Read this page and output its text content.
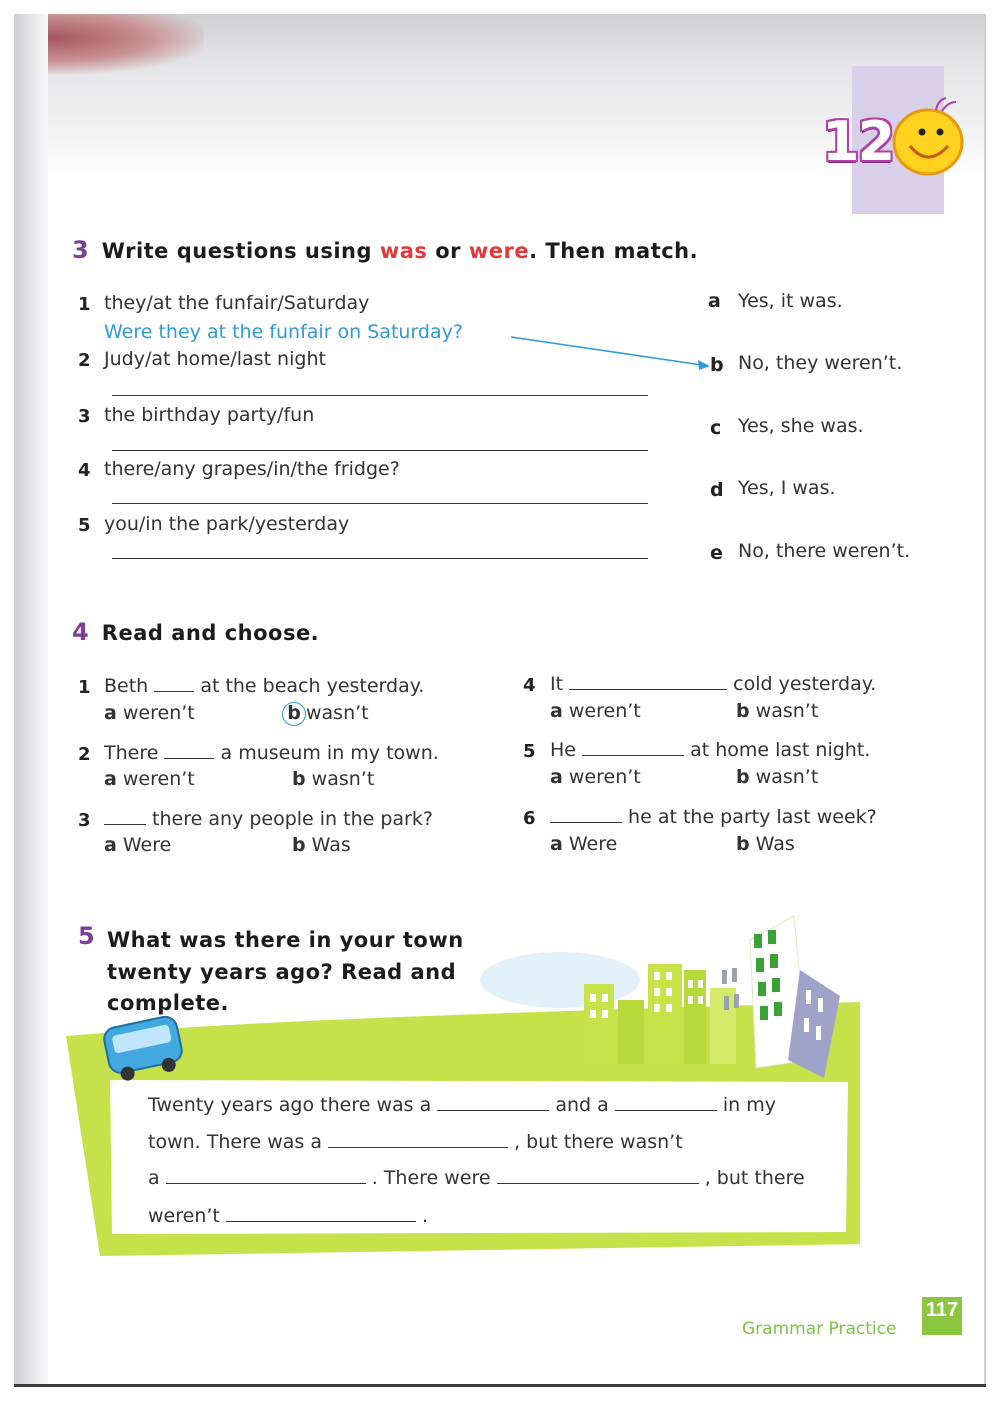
12
3 Write questions using was or were. Then match.
1 they/at the funfair/Saturday
Were they at the funfair on Saturday?
2 Judy/at home/last night
3 the birthday party/fun
4 there/any grapes/in/the fridge?
5 you/in the park/yesterday
a Yes, it was.
b No, they weren’t.
c Yes, she was.
d Yes, I was.
e No, there weren’t.
4 Read and choose.
1 Beth	at the beach yesterday.
a weren’t	b wasn’t
2 There	a museum in my town.
a weren’t	b wasn’t
3	there any people in the park?
a Were	b Was
4 It	cold yesterday.
a weren’t	b wasn’t
5 He	at home last night.
a weren’t	b wasn’t
6	he at the party last week?
a Were	b Was
5 What was there in your town
twenty years ago? Read and
complete.
Twenty years ago there was a	and a	in my
town. There was a	, but there wasn’t
a	. There were	, but there
weren’t	.
Grammar Practice
117
